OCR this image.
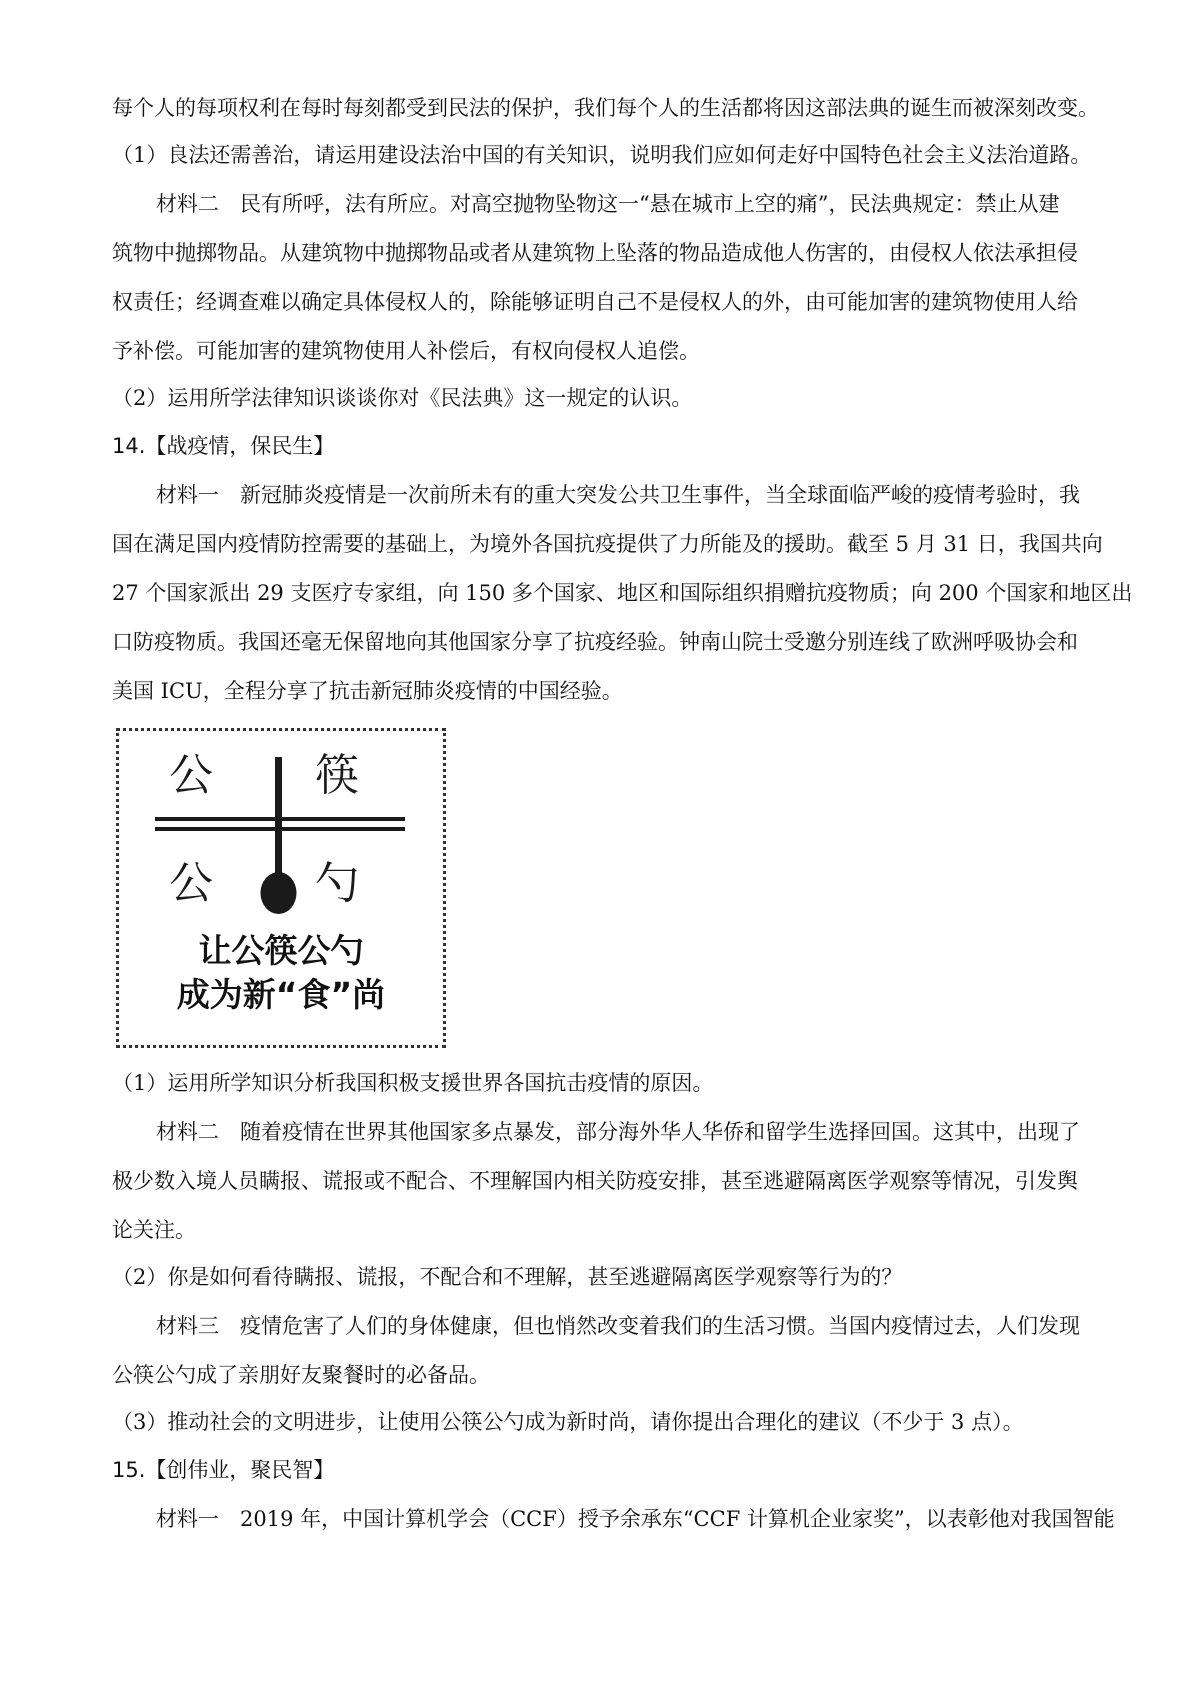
每个人的每项权利在每时每刻都受到民法的保护，我们每个人的生活都将因这部法典的诞生而被深刻改变。
（1）良法还需善治，请运用建设法治中国的有关知识，说明我们应如何走好中国特色社会主义法治道路。
材料二　民有所呼，法有所应。对高空抛物坠物这一“悬在城市上空的痛”，民法典规定：禁止从建
筑物中抛掷物品。从建筑物中抛掷物品或者从建筑物上坠落的物品造成他人伤害的，由侵权人依法承担侵
权责任；经调查难以确定具体侵权人的，除能够证明自己不是侵权人的外，由可能加害的建筑物使用人给
予补偿。可能加害的建筑物使用人补偿后，有权向侵权人追偿。
（2）运用所学法律知识谈谈你对《民法典》这一规定的认识。
14.【战疫情，保民生】
材料一　新冠肺炎疫情是一次前所未有的重大突发公共卫生事件，当全球面临严峻的疫情考验时，我
国在满足国内疫情防控需要的基础上，为境外各国抗疫提供了力所能及的援助。截至 5 月 31 日，我国共向
27 个国家派出 29 支医疗专家组，向 150 多个国家、地区和国际组织捐赠抗疫物质；向 200 个国家和地区出
口防疫物质。我国还毫无保留地向其他国家分享了抗疫经验。钟南山院士受邀分别连线了欧洲呼吸协会和
美国 ICU，全程分享了抗击新冠肺炎疫情的中国经验。
公 筷
公 勺
让公筷公勺
成为新“食”尚
（1）运用所学知识分析我国积极支援世界各国抗击疫情的原因。
材料二　随着疫情在世界其他国家多点暴发，部分海外华人华侨和留学生选择回国。这其中，出现了
极少数入境人员瞒报、谎报或不配合、不理解国内相关防疫安排，甚至逃避隔离医学观察等情况，引发舆
论关注。
（2）你是如何看待瞒报、谎报，不配合和不理解，甚至逃避隔离医学观察等行为的？
材料三　疫情危害了人们的身体健康，但也悄然改变着我们的生活习惯。当国内疫情过去，人们发现
公筷公勺成了亲朋好友聚餐时的必备品。
（3）推动社会的文明进步，让使用公筷公勺成为新时尚，请你提出合理化的建议（不少于 3 点）。
15.【创伟业，聚民智】
材料一　2019 年，中国计算机学会（CCF）授予余承东“CCF 计算机企业家奖”，以表彰他对我国智能
